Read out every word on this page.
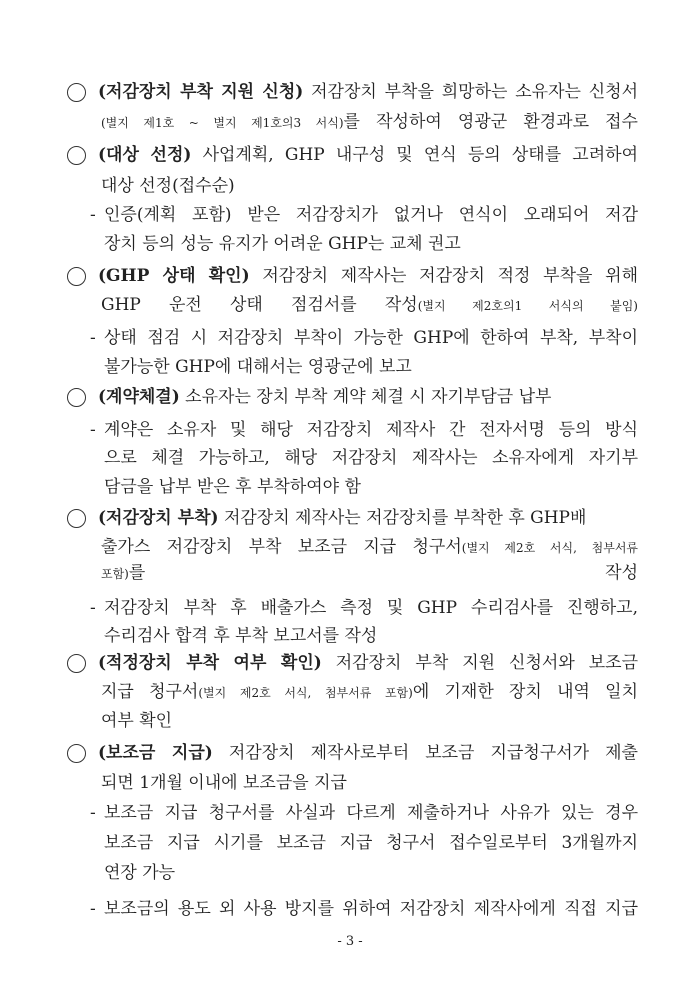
(저감장치 부착 지원 신청) 저감장치 부착을 희망하는 소유자는 신청서
(별지 제1호 ~ 별지 제1호의3 서식)를 작성하여 영광군 환경과로 접수
(대상 선정) 사업계획, GHP 내구성 및 연식 등의 상태를 고려하여
대상 선정(접수순)
- 인증(계획 포함) 받은 저감장치가 없거나 연식이 오래되어 저감
장치 등의 성능 유지가 어려운 GHP는 교체 권고
(GHP 상태 확인) 저감장치 제작사는 저감장치 적정 부착을 위해
GHP 운전 상태 점검서를 작성(별지 제2호의1 서식의 붙임)
- 상태 점검 시 저감장치 부착이 가능한 GHP에 한하여 부착, 부착이
불가능한 GHP에 대해서는 영광군에 보고
(계약체결) 소유자는 장치 부착 계약 체결 시 자기부담금 납부
- 계약은 소유자 및 해당 저감장치 제작사 간 전자서명 등의 방식
으로 체결 가능하고, 해당 저감장치 제작사는 소유자에게 자기부
담금을 납부 받은 후 부착하여야 함
(저감장치 부착) 저감장치 제작사는 저감장치를 부착한 후 GHP배
출가스 저감장치 부착 보조금 지급 청구서(별지 제2호 서식, 첨부서류
포함)를 작성
- 저감장치 부착 후 배출가스 측정 및 GHP 수리검사를 진행하고,
수리검사 합격 후 부착 보고서를 작성
(적정장치 부착 여부 확인) 저감장치 부착 지원 신청서와 보조금
지급 청구서(별지 제2호 서식, 첨부서류 포함)에 기재한 장치 내역 일치
여부 확인
(보조금 지급) 저감장치 제작사로부터 보조금 지급청구서가 제출
되면 1개월 이내에 보조금을 지급
- 보조금 지급 청구서를 사실과 다르게 제출하거나 사유가 있는 경우
보조금 지급 시기를 보조금 지급 청구서 접수일로부터 3개월까지
연장 가능
- 보조금의 용도 외 사용 방지를 위하여 저감장치 제작사에게 직접 지급
- 3 -
